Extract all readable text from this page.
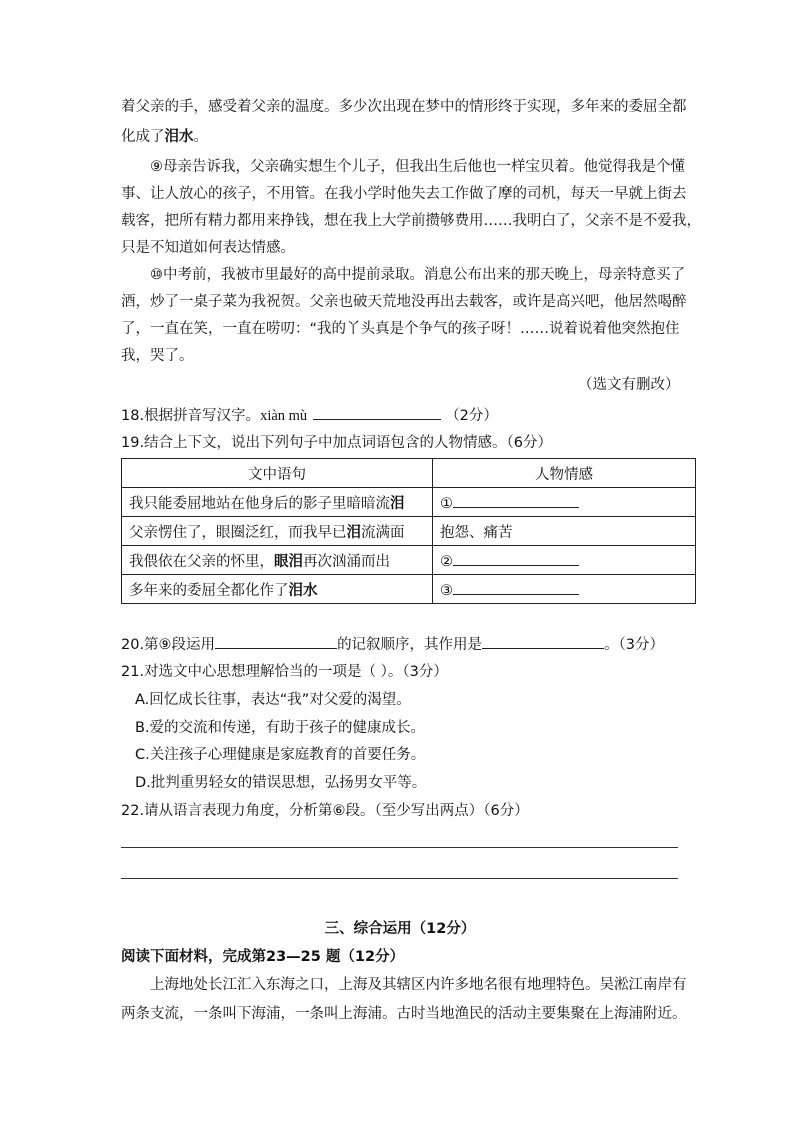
着父亲的手，感受着父亲的温度。多少次出现在梦中的情形终于实现，多年来的委屈全都
化成了泪水。
⑨母亲告诉我，父亲确实想生个儿子，但我出生后他也一样宝贝着。他觉得我是个懂
事、让人放心的孩子，不用管。在我小学时他失去工作做了摩的司机，每天一早就上街去
载客，把所有精力都用来挣钱，想在我上大学前攒够费用……我明白了，父亲不是不爱我，
只是不知道如何表达情感。
⑩中考前，我被市里最好的高中提前录取。消息公布出来的那天晚上，母亲特意买了
酒，炒了一桌子菜为我祝贺。父亲也破天荒地没再出去载客，或许是高兴吧，他居然喝醉
了，一直在笑，一直在唠叨：“我的丫头真是个争气的孩子呀！……说着说着他突然抱住
我，哭了。
（选文有删改）
18.根据拼音写汉字。xiàn mù	（2分）
19.结合上下文，说出下列句子中加点词语包含的人物情感。（6分）
文中语句	人物情感
我只能委屈地站在他身后的影子里暗暗流泪	①
父亲愣住了，眼圈泛红，而我早已泪流满面	抱怨、痛苦
我偎依在父亲的怀里，眼泪再次汹涌而出	②
多年来的委屈全都化作了泪水	③
20.第⑨段运用	的记叙顺序，其作用是	。（3分）
21.对选文中心思想理解恰当的一项是（ ）。（3分）
A.回忆成长往事，表达“我”对父爱的渴望。
B.爱的交流和传递，有助于孩子的健康成长。
C.关注孩子心理健康是家庭教育的首要任务。
D.批判重男轻女的错误思想，弘扬男女平等。
22.请从语言表现力角度，分析第⑥段。（至少写出两点）（6分）
三、综合运用（12分）
阅读下面材料，完成第23—25 题（12分）
上海地处长江汇入东海之口，上海及其辖区内许多地名很有地理特色。吴淞江南岸有
两条支流，一条叫下海浦，一条叫上海浦。古时当地渔民的活动主要集聚在上海浦附近。
